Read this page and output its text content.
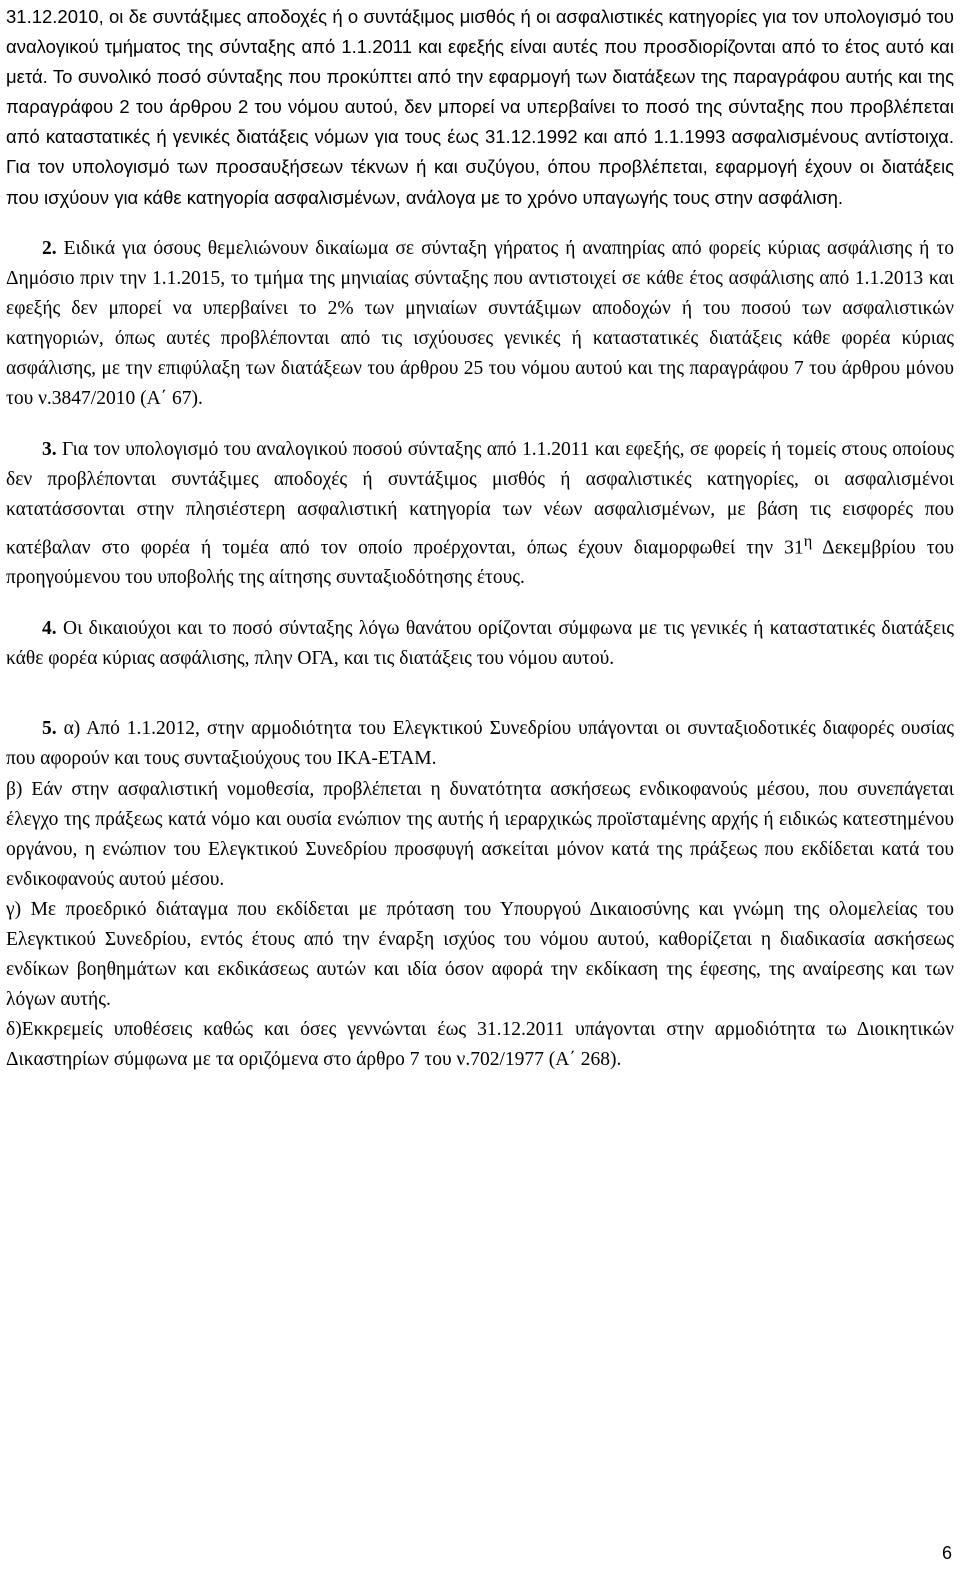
31.12.2010, οι δε συντάξιμες αποδοχές ή ο συντάξιμος μισθός ή οι ασφαλιστικές κατηγορίες για τον υπολογισμό του αναλογικού τμήματος της σύνταξης από 1.1.2011 και εφεξής είναι αυτές που προσδιορίζονται από το έτος αυτό και μετά. Το συνολικό ποσό σύνταξης που προκύπτει από την εφαρμογή των διατάξεων της παραγράφου αυτής και της παραγράφου 2 του άρθρου 2 του νόμου αυτού, δεν μπορεί να υπερβαίνει το ποσό της σύνταξης που προβλέπεται από καταστατικές ή γενικές διατάξεις νόμων για τους έως 31.12.1992 και από 1.1.1993 ασφαλισμένους αντίστοιχα. Για τον υπολογισμό των προσαυξήσεων τέκνων ή και συζύγου, όπου προβλέπεται, εφαρμογή έχουν οι διατάξεις που ισχύουν για κάθε κατηγορία ασφαλισμένων, ανάλογα με το χρόνο υπαγωγής τους στην ασφάλιση.

2. Ειδικά για όσους θεμελιώνουν δικαίωμα σε σύνταξη γήρατος ή αναπηρίας από φορείς κύριας ασφάλισης ή το Δημόσιο πριν την 1.1.2015, το τμήμα της μηνιαίας σύνταξης που αντιστοιχεί σε κάθε έτος ασφάλισης από 1.1.2013 και εφεξής δεν μπορεί να υπερβαίνει το 2% των μηνιαίων συντάξιμων αποδοχών ή του ποσού των ασφαλιστικών κατηγοριών, όπως αυτές προβλέπονται από τις ισχύουσες γενικές ή καταστατικές διατάξεις κάθε φορέα κύριας ασφάλισης, με την επιφύλαξη των διατάξεων του άρθρου 25 του νόμου αυτού και της παραγράφου 7 του άρθρου μόνου του ν.3847/2010 (Α΄ 67).

3. Για τον υπολογισμό του αναλογικού ποσού σύνταξης από 1.1.2011 και εφεξής, σε φορείς ή τομείς στους οποίους δεν προβλέπονται συντάξιμες αποδοχές ή συντάξιμος μισθός ή ασφαλιστικές κατηγορίες, οι ασφαλισμένοι κατατάσσονται στην πλησιέστερη ασφαλιστική κατηγορία των νέων ασφαλισμένων, με βάση τις εισφορές που κατέβαλαν στο φορέα ή τομέα από τον οποίο προέρχονται, όπως έχουν διαμορφωθεί την $31^\eta$ Δεκεμβρίου του προηγούμενου του υποβολής της αίτησης συνταξιοδότησης έτους.

4. Οι δικαιούχοι και το ποσό σύνταξης λόγω θανάτου ορίζονται σύμφωνα με τις γενικές ή καταστατικές διατάξεις κάθε φορέα κύριας ασφάλισης, πλην ΟΓΑ, και τις διατάξεις του νόμου αυτού.

5. α) Από 1.1.2012, στην αρμοδιότητα του Ελεγκτικού Συνεδρίου υπάγονται οι συνταξιοδοτικές διαφορές ουσίας που αφορούν και τους συνταξιούχους του ΙΚΑ-ΕΤΑΜ.

β) Εάν στην ασφαλιστική νομοθεσία, προβλέπεται η δυνατότητα ασκήσεως ενδικοφανούς μέσου, που συνεπάγεται έλεγχο της πράξεως κατά νόμο και ουσία ενώπιον της αυτής ή ιεραρχικώς προϊσταμένης αρχής ή ειδικώς κατεστημένου οργάνου, η ενώπιον του Ελεγκτικού Συνεδρίου προσφυγή ασκείται μόνον κατά της πράξεως που εκδίδεται κατά του ενδικοφανούς αυτού μέσου.

γ) Με προεδρικό διάταγμα που εκδίδεται με πρόταση του Υπουργού Δικαιοσύνης και γνώμη της ολομελείας του Ελεγκτικού Συνεδρίου, εντός έτους από την έναρξη ισχύος του νόμου αυτού, καθορίζεται η διαδικασία ασκήσεως ενδίκων βοηθημάτων και εκδικάσεως αυτών και ιδία όσον αφορά την εκδίκαση της έφεσης, της αναίρεσης και των λόγων αυτής.

δ)Εκκρεμείς υποθέσεις καθώς και όσες γεννώνται έως 31.12.2011 υπάγονται στην αρμοδιότητα τω Διοικητικών Δικαστηρίων σύμφωνα με τα οριζόμενα στο άρθρο 7 του ν.702/1977 (Α΄ 268).

6
